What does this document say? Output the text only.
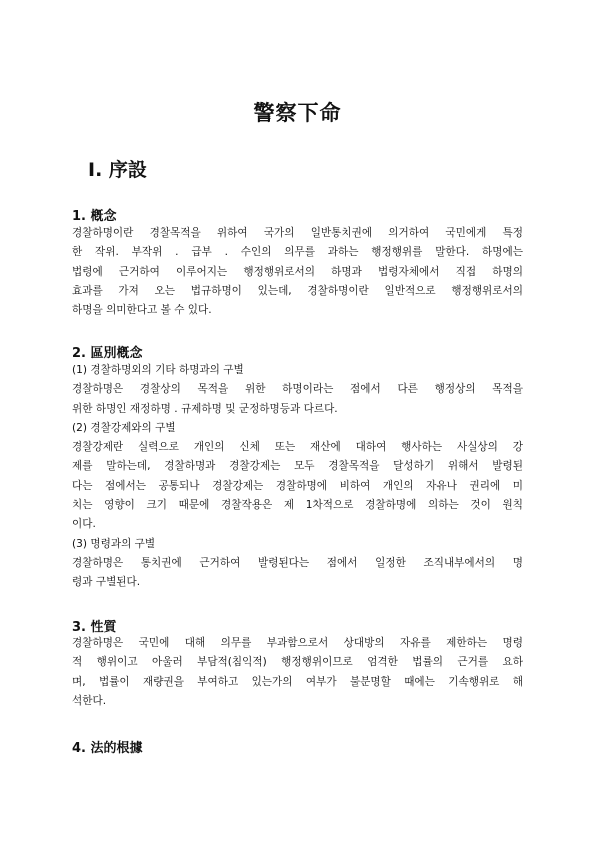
警察下命
Ⅰ. 序設
1. 槪念
경찰하명이란 경찰목적을 위하여 국가의 일반통치권에 의거하여 국민에게 특정
한 작위. 부작위 . 급부 . 수인의 의무를 과하는 행정행위를 말한다. 하명에는
법령에 근거하여 이루어지는 행정행위로서의 하명과 법령자체에서 직접 하명의
효과를 가져 오는 법규하명이 있는데, 경찰하명이란 일반적으로 행정행위로서의
하명을 의미한다고 볼 수 있다.
2. 區別槪念
(1) 경찰하명외의 기타 하명과의 구별
경찰하명은 경찰상의 목적을 위한 하명이라는 점에서 다른 행정상의 목적을
위한 하명인 재정하명 . 규제하명 및 군정하명등과 다르다.
(2) 경찰강제와의 구별
경찰강제란 실력으로 개인의 신체 또는 재산에 대하여 행사하는 사실상의 강
제를 말하는데, 경찰하명과 경찰강제는 모두 경찰목적을 달성하기 위해서 발령된
다는 점에서는 공통되나 경찰강제는 경찰하명에 비하여 개인의 자유나 권리에 미
치는 영향이 크기 때문에 경찰작용은 제 1차적으로 경찰하명에 의하는 것이 원칙
이다.
(3) 명령과의 구별
경찰하명은 통치권에 근거하여 발령된다는 점에서 일정한 조직내부에서의 명
령과 구별된다.
3. 性質
경찰하명은 국민에 대해 의무를 부과함으로서 상대방의 자유를 제한하는 명령
적 행위이고 아울러 부담적(침익적) 행정행위이므로 엄격한 법률의 근거를 요하
며, 법률이 재량권을 부여하고 있는가의 여부가 불분명할 때에는 기속행위로 해
석한다.
4. 法的根據
